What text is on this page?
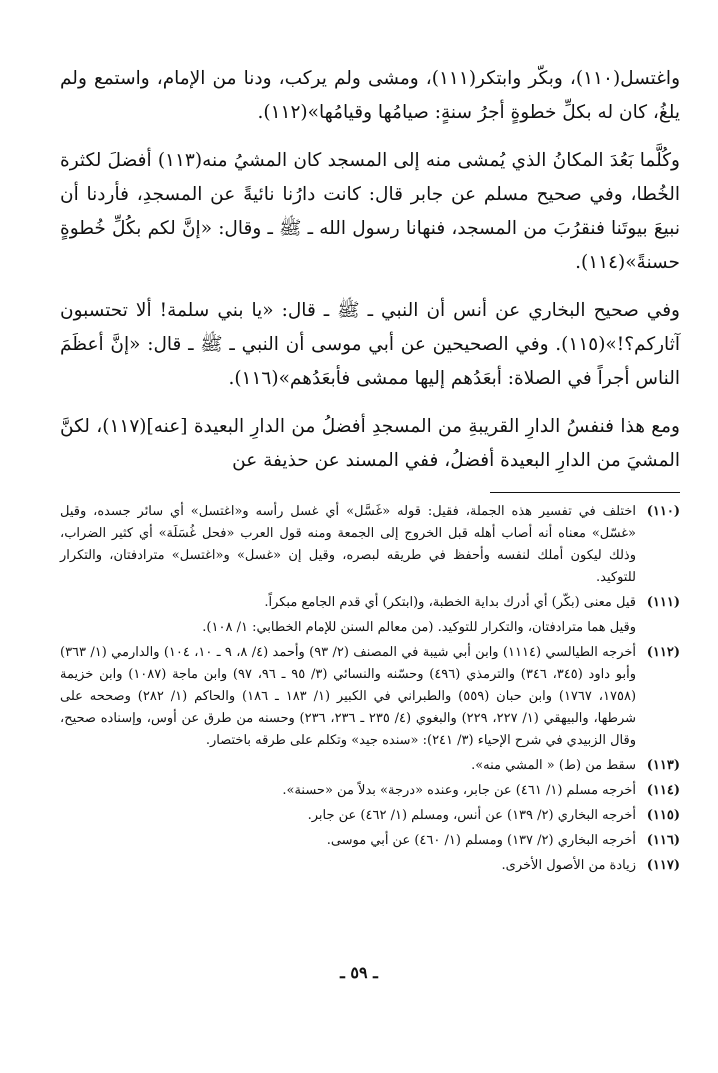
واغتسل(١١٠)، وبكّر وابتكر(١١١)، ومشى ولم يركب، ودنا من الإمام، واستمع ولم يلغُ، كان له بكلِّ خطوةٍ أجرُ سنةٍ: صيامُها وقيامُها»(١١٢).

وكُلَّما بَعُدَ المكانُ الذي يُمشى منه إلى المسجد كان المشيُ منه(١١٣) أفضلَ لكثرة الخُطا، وفي صحيح مسلم عن جابر قال: كانت دارُنا نائيةً عن المسجدِ، فأردنا أن نبيعَ بيوتَنا فنقرُبَ من المسجد، فنهانا رسول الله ـ ﷺ ـ وقال: «إنَّ لكم بكُلِّ خُطوةٍ حسنةً»(١١٤).

وفي صحيح البخاري عن أنس أن النبي ـ ﷺ ـ قال: «يا بني سلمة! ألا تحتسبون آثاركم؟!»(١١٥). وفي الصحيحين عن أبي موسى أن النبي ـ ﷺ ـ قال: «إنَّ أعظَمَ الناس أجراً في الصلاة: أبعَدُهم إليها ممشى فأبعَدُهم»(١١٦).

ومع هذا فنفسُ الدارِ القريبةِ من المسجدِ أفضلُ من الدارِ البعيدة [عنه](١١٧)، لكنَّ المشيَ من الدارِ البعيدة أفضلُ، ففي المسند عن حذيفة عن

(١١٠)
اختلف في تفسير هذه الجملة، فقيل: قوله «غَسَّل» أي غسل رأسه و«اغتسل» أي سائر جسده، وقيل «غسّل» معناه أنه أصاب أهله قبل الخروج إلى الجمعة ومنه قول العرب «فحل غُسَلَة» أي كثير الضراب، وذلك ليكون أملك لنفسه وأحفظ في طريقه لبصره، وقيل إن «غسل» و«اغتسل» مترادفتان، والتكرار للتوكيد.
(١١١)
قيل معنى (بكّر) أي أدرك بداية الخطبة، و(ابتكر) أي قدم الجامع مبكراً.
وقيل هما مترادفتان، والتكرار للتوكيد. (من معالم السنن للإمام الخطابي: ١/ ١٠٨).
(١١٢)
أخرجه الطيالسي (١١١٤) وابن أبي شيبة في المصنف (٢/ ٩٣) وأحمد (٤/ ٨، ٩ ـ ١٠، ١٠٤) والدارمي (١/ ٣٦٣) وأبو داود (٣٤٥، ٣٤٦) والترمذي (٤٩٦) وحسّنه والنسائي (٣/ ٩٥ ـ ٩٦، ٩٧) وابن ماجة (١٠٨٧) وابن خزيمة (١٧٥٨، ١٧٦٧) وابن حبان (٥٥٩) والطبراني في الكبير (١/ ١٨٣ ـ ١٨٦) والحاكم (١/ ٢٨٢) وصححه على شرطها، والبيهقي (١/ ٢٢٧، ٢٢٩) والبغوي (٤/ ٢٣٥ ـ ٢٣٦، ٢٣٦) وحسنه من طرق عن أوس، وإسناده صحيح، وقال الزبيدي في شرح الإحياء (٣/ ٢٤١): «سنده جيد» وتكلم على طرقه باختصار.
(١١٣)
سقط من (ط) « المشي منه».
(١١٤)
أخرجه مسلم (١/ ٤٦١) عن جابر، وعنده «درجة» بدلاً من «حسنة».
(١١٥)
أخرجه البخاري (٢/ ١٣٩) عن أنس، ومسلم (١/ ٤٦٢) عن جابر.
(١١٦)
أخرجه البخاري (٢/ ١٣٧) ومسلم (١/ ٤٦٠) عن أبي موسى.
(١١٧)
زيادة من الأصول الأخرى.
ـ ٥٩ ـ
